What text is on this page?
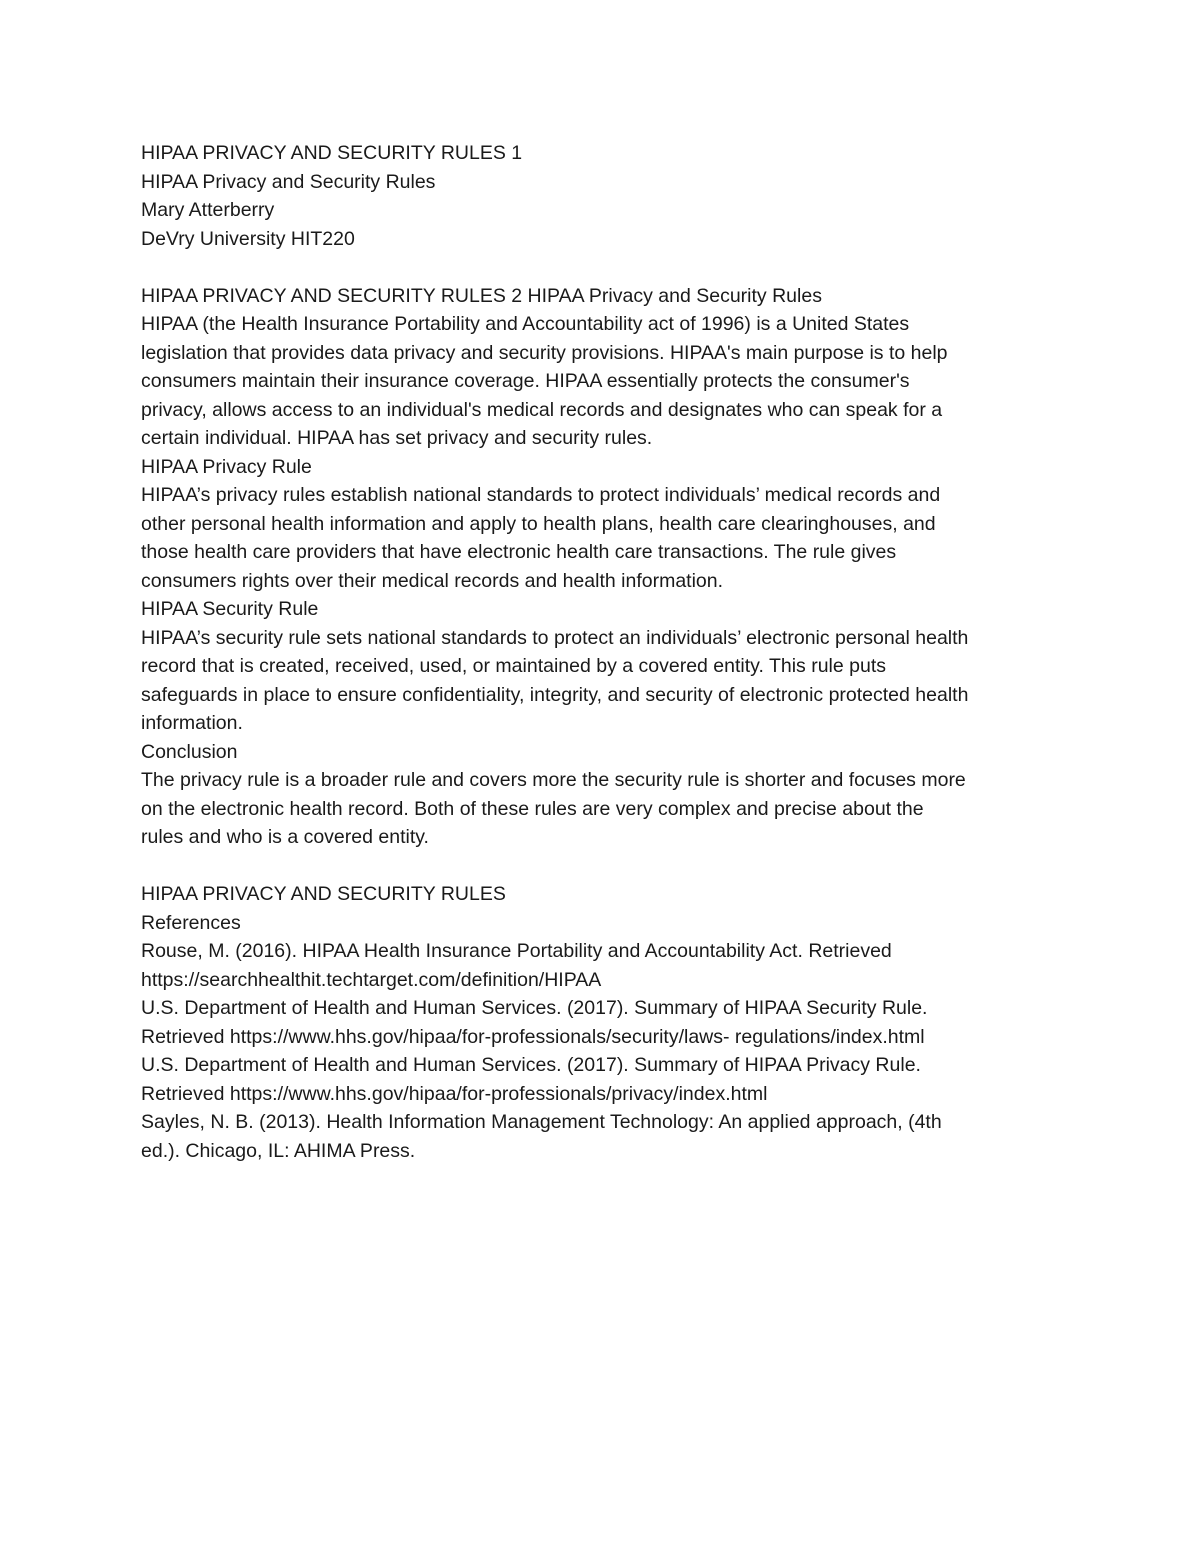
HIPAA PRIVACY AND SECURITY RULES 1
HIPAA Privacy and Security Rules
Mary Atterberry
DeVry University HIT220
HIPAA PRIVACY AND SECURITY RULES 2 HIPAA Privacy and Security Rules
HIPAA (the Health Insurance Portability and Accountability act of 1996) is a United States
legislation that provides data privacy and security provisions. HIPAA's main purpose is to help
consumers maintain their insurance coverage. HIPAA essentially protects the consumer's
privacy, allows access to an individual's medical records and designates who can speak for a
certain individual. HIPAA has set privacy and security rules.
HIPAA Privacy Rule
HIPAA’s privacy rules establish national standards to protect individuals’ medical records and
other personal health information and apply to health plans, health care clearinghouses, and
those health care providers that have electronic health care transactions. The rule gives
consumers rights over their medical records and health information.
HIPAA Security Rule
HIPAA’s security rule sets national standards to protect an individuals’ electronic personal health
record that is created, received, used, or maintained by a covered entity. This rule puts
safeguards in place to ensure confidentiality, integrity, and security of electronic protected health
information.
Conclusion
The privacy rule is a broader rule and covers more the security rule is shorter and focuses more
on the electronic health record. Both of these rules are very complex and precise about the
rules and who is a covered entity.
HIPAA PRIVACY AND SECURITY RULES
References
Rouse, M. (2016). HIPAA Health Insurance Portability and Accountability Act. Retrieved
https://searchhealthit.techtarget.com/definition/HIPAA
U.S. Department of Health and Human Services. (2017). Summary of HIPAA Security Rule.
Retrieved https://www.hhs.gov/hipaa/for-professionals/security/laws- regulations/index.html
U.S. Department of Health and Human Services. (2017). Summary of HIPAA Privacy Rule.
Retrieved https://www.hhs.gov/hipaa/for-professionals/privacy/index.html
Sayles, N. B. (2013). Health Information Management Technology: An applied approach, (4th
ed.). Chicago, IL: AHIMA Press.
